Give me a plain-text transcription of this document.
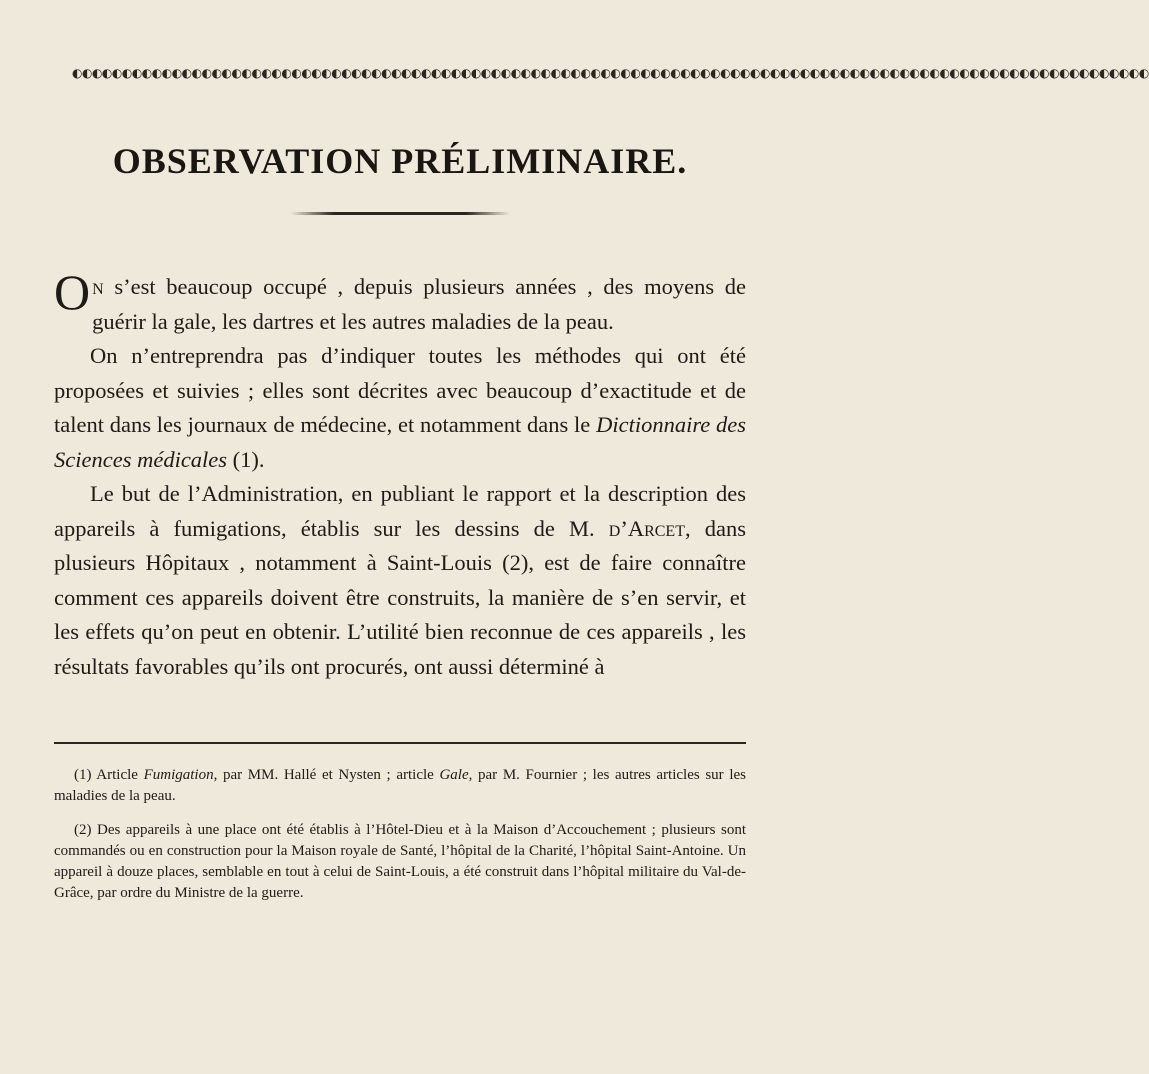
◐◐◐◐◐◐◐◐◐◐◐◐◐◐◐◐◐◐◐◐◐◐◐◐◐◐◐◐◐◐◐◐◐◐◐◐◐◐◐◐◐◐◐◐◐◐◐◐◐◐◐◐◐◐◐◐◐◐◐◐◐◐◐◐◐◐◐◐◐◐◐◐◐◐◐◐◐◐◐◐◐◐◐◐◐◐◐◐◐◐◐◐◐◐◐◐◐◐◐◐◐◐◐◐◐◐◐◐
OBSERVATION PRÉLIMINAIRE.

On s’est beaucoup occupé , depuis plusieurs années , des moyens de guérir la gale, les dartres et les autres maladies de la peau.

On n’entreprendra pas d’indiquer toutes les méthodes qui ont été proposées et suivies ; elles sont décrites avec beaucoup d’exactitude et de talent dans les journaux de médecine, et notamment dans le Dictionnaire des Sciences médicales (1).

Le but de l’Administration, en publiant le rapport et la description des appareils à fumigations, établis sur les dessins de M. d’Arcet, dans plusieurs Hôpitaux , notamment à Saint-Louis (2), est de faire connaître comment ces appareils doivent être construits, la manière de s’en servir, et les effets qu’on peut en obtenir. L’utilité bien reconnue de ces appareils , les résultats favorables qu’ils ont procurés, ont aussi déterminé à

(1) Article Fumigation, par MM. Hallé et Nysten ; article Gale, par M. Fournier ; les autres articles sur les maladies de la peau.

(2) Des appareils à une place ont été établis à l’Hôtel-Dieu et à la Maison d’Accouchement ; plusieurs sont commandés ou en construction pour la Maison royale de Santé, l’hôpital de la Charité, l’hôpital Saint-Antoine. Un appareil à douze places, semblable en tout à celui de Saint-Louis, a été construit dans l’hôpital militaire du Val-de-Grâce, par ordre du Ministre de la guerre.
